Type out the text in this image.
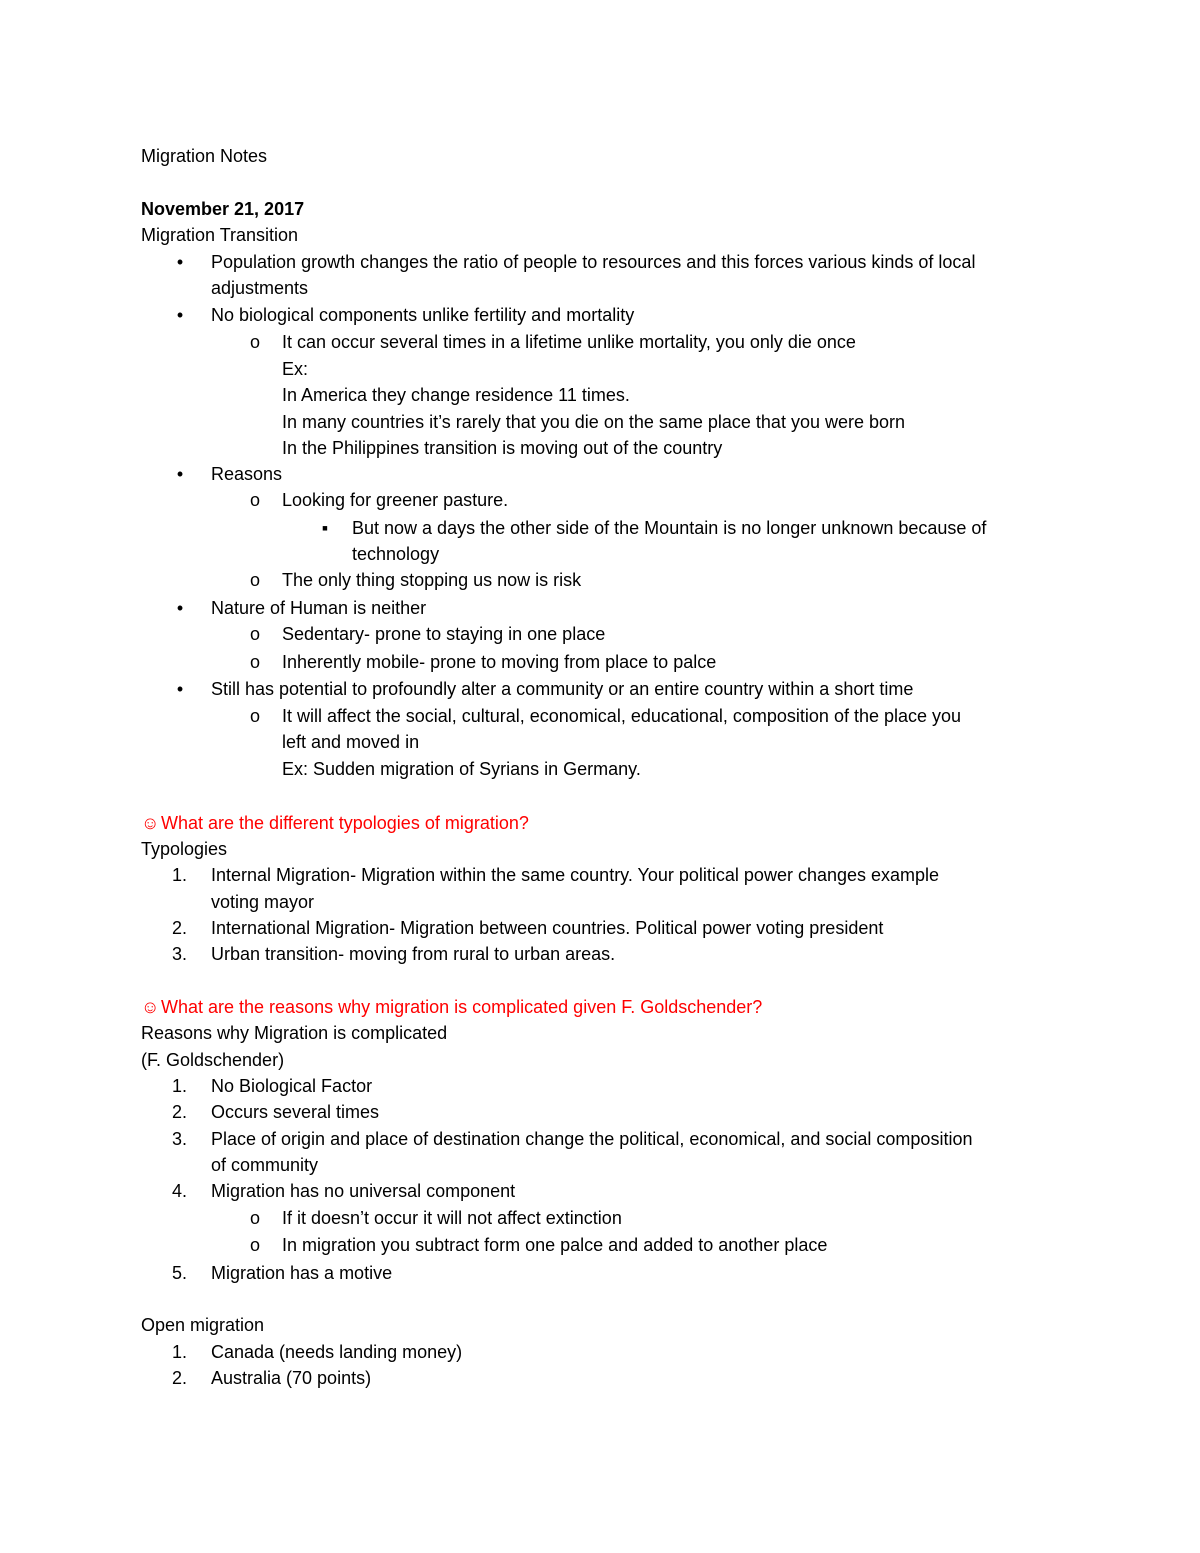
Migration Notes
November 21, 2017
Migration Transition
• Population growth changes the ratio of people to resources and this forces various kinds of local
adjustments
• No biological components unlike fertility and mortality
o It can occur several times in a lifetime unlike mortality, you only die once
Ex:
In America they change residence 11 times.
In many countries it’s rarely that you die on the same place that you were born
In the Philippines transition is moving out of the country
• Reasons
o Looking for greener pasture.
▪ But now a days the other side of the Mountain is no longer unknown because of
technology
o The only thing stopping us now is risk
• Nature of Human is neither
o Sedentary- prone to staying in one place
o Inherently mobile- prone to moving from place to palce
• Still has potential to profoundly alter a community or an entire country within a short time
o It will affect the social, cultural, economical, educational, composition of the place you
left and moved in
Ex: Sudden migration of Syrians in Germany.
☺What are the different typologies of migration?
Typologies
1.	Internal Migration- Migration within the same country. Your political power changes example
voting mayor
2.	International Migration- Migration between countries. Political power voting president
3.	Urban transition- moving from rural to urban areas.
☺What are the reasons why migration is complicated given F. Goldschender?
Reasons why Migration is complicated
(F. Goldschender)
1.	No Biological Factor
2.	Occurs several times
3.	Place of origin and place of destination change the political, economical, and social composition
of community
4.	Migration has no universal component
o If it doesn’t occur it will not affect extinction
o In migration you subtract form one palce and added to another place
5.	Migration has a motive
Open migration
1.	Canada (needs landing money)
2.	Australia (70 points)
